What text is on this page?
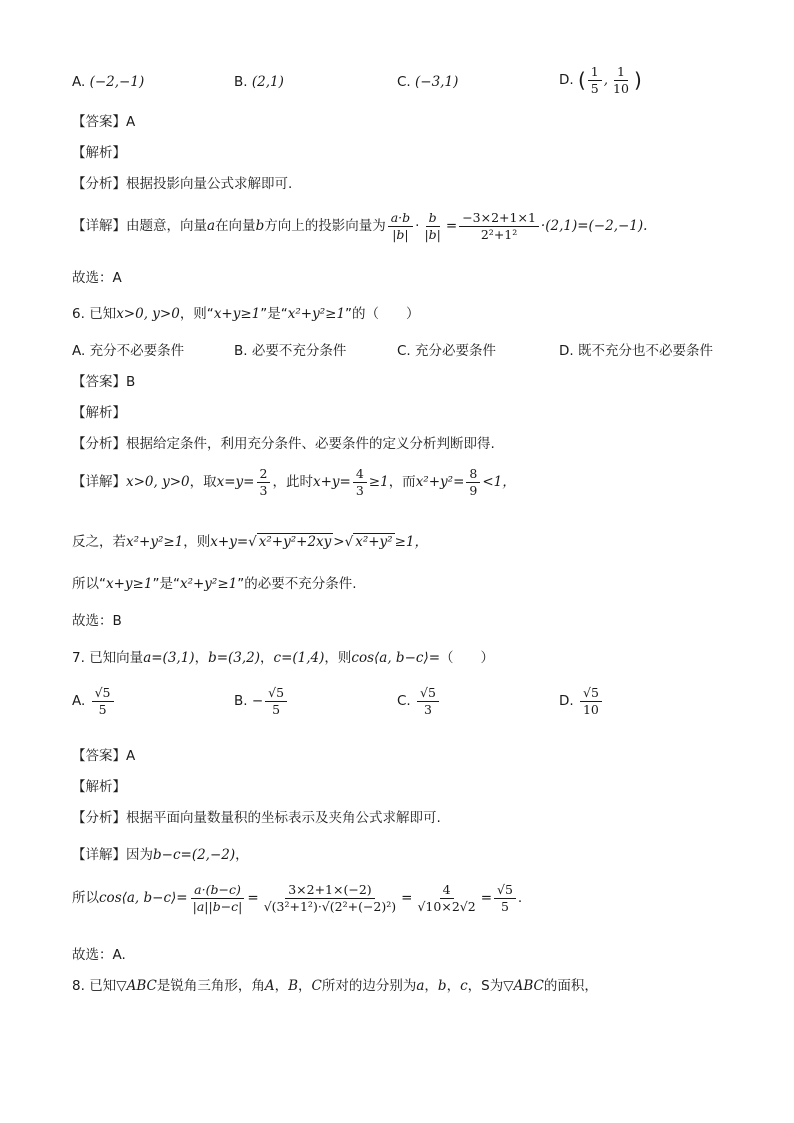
A. (−2,−1)	B. (2,1)	C. (−3,1)	D. ( $\frac{1}{5}$ , $\frac{1}{10}$ )
【答案】A
【解析】
【分析】根据投影向量公式求解即可.
【详解】由题意，向量a在向量b方向上的投影向量为 $\frac{a\cdot b}{|b|} \cdot \frac{b}{|b|} = \frac{-3\times 2+1\times 1}{\text{2²+1²}} \cdot(2,1)=(-2,-1)$.
故选：A
6. 已知x>0, y>0，则“x+y≥1”是“x²+y²≥1”的（　　）
A. 充分不必要条件	B. 必要不充分条件	C. 充分必要条件	D. 既不充分也不必要条件
【答案】B
【解析】
【分析】根据给定条件，利用充分条件、必要条件的定义分析判断即得.
【详解】x>0, y>0，取$x=y= \frac{2}{3}$ ，此时$x+y= \frac{4}{3} \ge 1$，而$x^2+y^2= \frac{8}{9} <1$，
反之，若x²+y²≥1，则x+y=√ x²+y²+2xy >√ x²+y² ≥1，
所以“x+y≥1”是“x²+y²≥1”的必要不充分条件.
故选：B
7. 已知向量a=(3,1)，b=(3,2)，c=(1,4)，则cos⟨a, b−c⟩=（　　）
A. $\frac{√5}{5}$	B. − $\frac{√5}{5}$	C. $\frac{√5}{3}$	D. $\frac{√5}{10}$
【答案】A
【解析】
【分析】根据平面向量数量积的坐标表示及夹角公式求解即可.
【详解】因为b−c=(2,−2)，
所以cos⟨a, b−c⟩= $\frac{a\cdot(b-c)}{|a||b-c|} = \frac{3\times 2+1\times(-2)}{\text{√(3²+1²)·√(2²+(−2)²)}} = \frac{4}{√10\times 2√2} = \frac{√5}{5}$ .
故选：A.
8. 已知▽ABC是锐角三角形，角A，B，C所对的边分别为a，b，c，S为▽ABC的面积，
